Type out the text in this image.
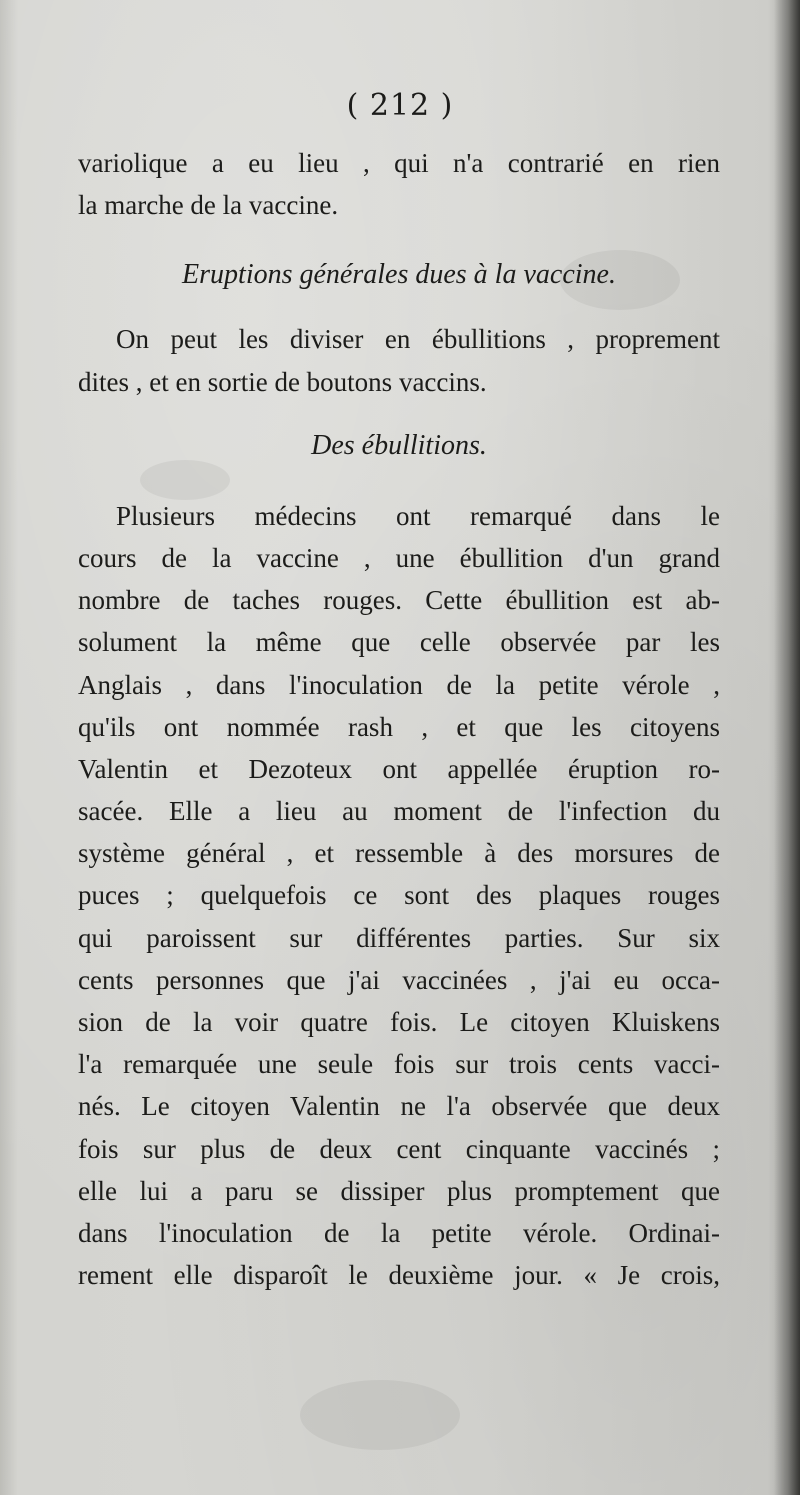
( 212 )
variolique a eu lieu , qui n'a contrarié en rien
la marche de la vaccine.
Eruptions générales dues à la vaccine.
On peut les diviser en ébullitions , proprement
dites , et en sortie de boutons vaccins.
Des ébullitions.
Plusieurs médecins ont remarqué dans le
cours de la vaccine , une ébullition d'un grand
nombre de taches rouges. Cette ébullition est ab-
solument la même que celle observée par les
Anglais , dans l'inoculation de la petite vérole ,
qu'ils ont nommée rash , et que les citoyens
Valentin et Dezoteux ont appellée éruption ro-
sacée. Elle a lieu au moment de l'infection du
système général , et ressemble à des morsures de
puces ; quelquefois ce sont des plaques rouges
qui paroissent sur différentes parties. Sur six
cents personnes que j'ai vaccinées , j'ai eu occa-
sion de la voir quatre fois. Le citoyen Kluiskens
l'a remarquée une seule fois sur trois cents vacci-
nés. Le citoyen Valentin ne l'a observée que deux
fois sur plus de deux cent cinquante vaccinés ;
elle lui a paru se dissiper plus promptement que
dans l'inoculation de la petite vérole. Ordinai-
rement elle disparoît le deuxième jour. « Je crois,
